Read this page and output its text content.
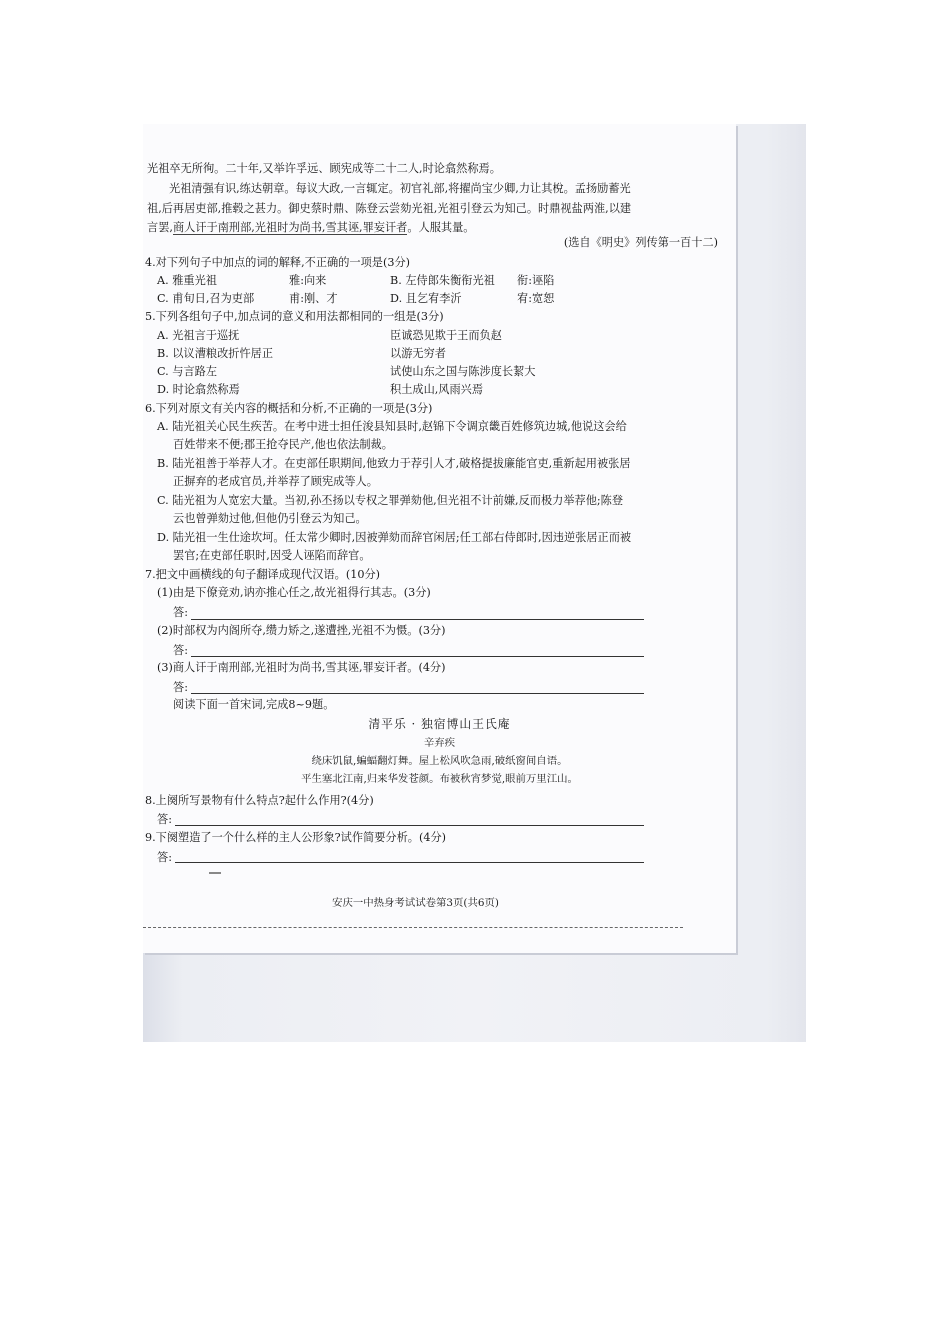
光祖卒无所徇。二十年,又举许孚远、顾宪成等二十二人,时论翕然称焉。
光祖清强有识,练达朝章。每议大政,一言辄定。初官礼部,将擢尚宝少卿,力让其梲。孟扬励蓄光
祖,后再居吏部,推毂之甚力。御史蔡时鼎、陈登云尝劾光祖,光祖引登云为知己。时鼎视盐两淮,以建
言罢,商人讦于南刑部,光祖时为尚书,雪其诬,罪妄讦者。人服其量。
(选自《明史》列传第一百十二)
4.对下列句子中加点的词的解释,不正确的一项是(3分)
A. 雅重光祖	雅:向来	B. 左侍郎朱衡衔光祖 衔:诬陷
C. 甫旬日,召为吏部	甫:刚、才	D. 且乞宥李沂	宥:宽恕
5.下列各组句子中,加点词的意义和用法都相同的一组是(3分)
A. 光祖言于巡抚	臣诚恐见欺于王而负赵
B. 以议漕粮改折忤居正	以游无穷者
C. 与言路左	试使山东之国与陈涉度长絜大
D. 时论翕然称焉	积土成山,风雨兴焉
6.下列对原文有关内容的概括和分析,不正确的一项是(3分)
A. 陆光祖关心民生疾苦。在考中进士担任浚县知县时,赵锦下令调京畿百姓修筑边城,他说这会给
百姓带来不便;郡王抢夺民产,他也依法制裁。
B. 陆光祖善于举荐人才。在吏部任职期间,他致力于荐引人才,破格提拔廉能官吏,重新起用被张居
正摒弃的老成官员,并举荐了顾宪成等人。
C. 陆光祖为人宽宏大量。当初,孙丕扬以专权之罪弹劾他,但光祖不计前嫌,反而极力举荐他;陈登
云也曾弹劾过他,但他仍引登云为知己。
D. 陆光祖一生仕途坎坷。任太常少卿时,因被弹劾而辞官闲居;任工部右侍郎时,因违逆张居正而被
罢官;在吏部任职时,因受人诬陷而辞官。
7.把文中画横线的句子翻译成现代汉语。(10分)
(1)由是下僚竞劝,讷亦推心任之,故光祖得行其志。(3分)
答:
(2)时部权为内阁所夺,缵力矫之,遂遭挫,光祖不为慑。(3分)
答:
(3)商人讦于南刑部,光祖时为尚书,雪其诬,罪妄讦者。(4分)
答:
阅读下面一首宋词,完成8~9题。
清平乐 · 独宿博山王氏庵
辛弃疾
绕床饥鼠,蝙蝠翻灯舞。屋上松风吹急雨,破纸窗间自语。
平生塞北江南,归来华发苍颜。布被秋宵梦觉,眼前万里江山。
8.上阕所写景物有什么特点?起什么作用?(4分)
答:
9.下阕塑造了一个什么样的主人公形象?试作简要分析。(4分)
答:
安庆一中热身考试试卷第3页(共6页)
